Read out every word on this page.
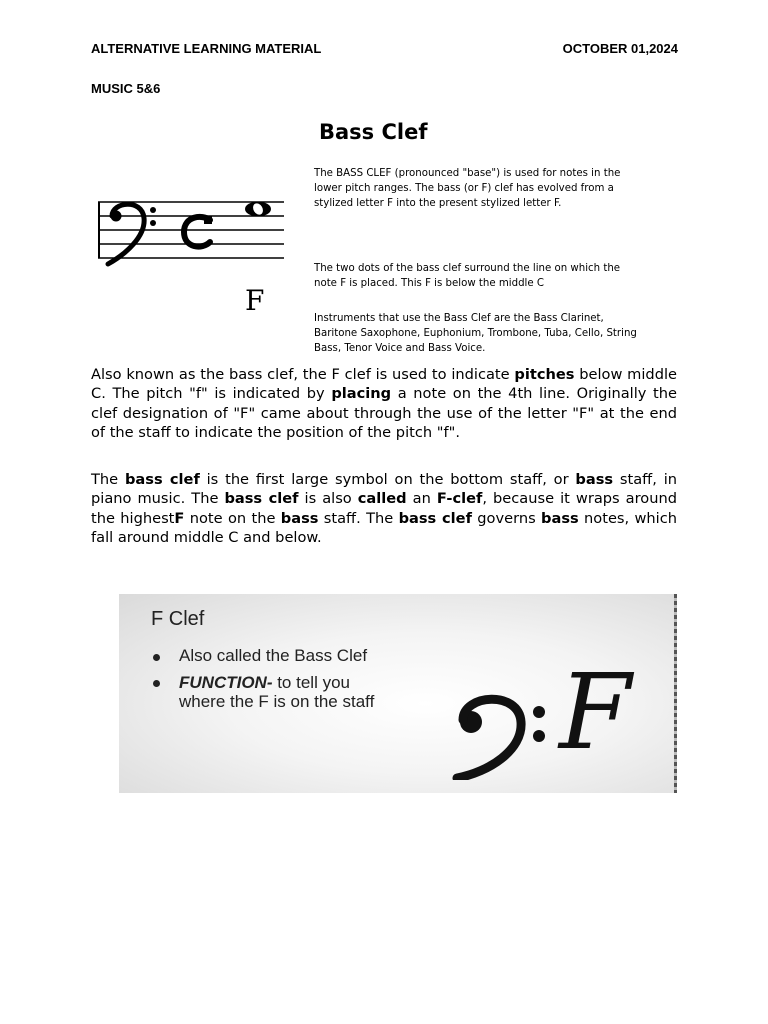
ALTERNATIVE LEARNING MATERIAL	OCTOBER 01,2024
MUSIC 5&6
Bass Clef
F
The BASS CLEF (pronounced "base") is used for notes in the lower pitch ranges. The bass (or F) clef has evolved from a stylized letter F into the present stylized letter F.
The two dots of the bass clef surround the line on which the note F is placed. This F is below the middle C
Instruments that use the Bass Clef are the Bass Clarinet, Baritone Saxophone, Euphonium, Trombone, Tuba, Cello, String Bass, Tenor Voice and Bass Voice.
Also known as the bass clef, the F clef is used to indicate pitches below middle C. The pitch "f" is indicated by placing a note on the 4th line. Originally the clef designation of "F" came about through the use of the letter "F" at the end of the staff to indicate the position of the pitch "f".
The bass clef is the first large symbol on the bottom staff, or bass staff, in piano music. The bass clef is also called an F-clef, because it wraps around the highestF note on the bass staff. The bass clef governs bass notes, which fall around middle C and below.
F Clef
Also called the Bass Clef
FUNCTION- to tell you
where the F is on the staff F
